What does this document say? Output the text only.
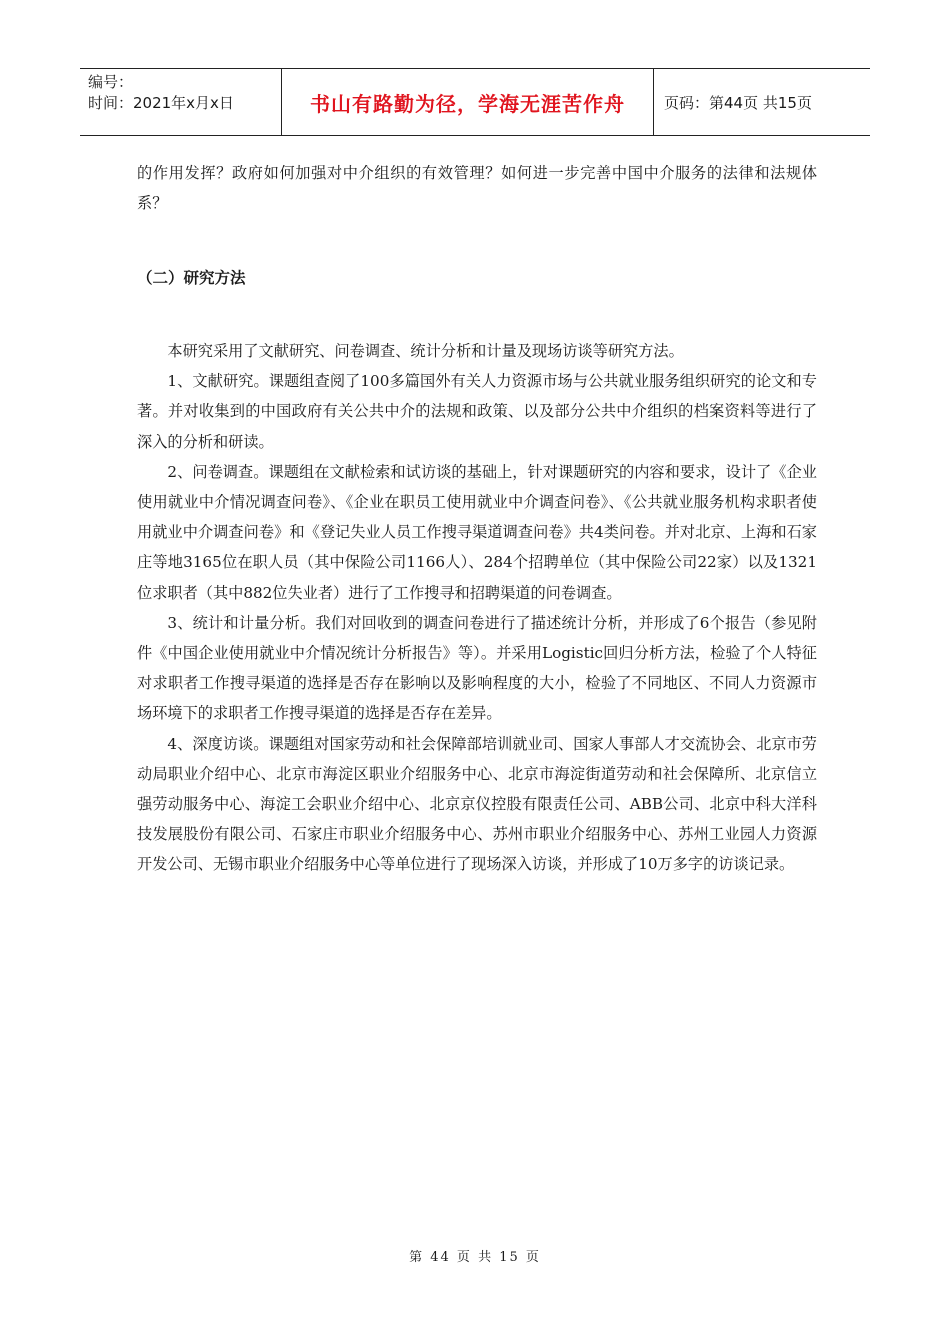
编号：
时间：2021年x月x日	书山有路勤为径，学海无涯苦作舟	页码：第44页 共15页

的作用发挥？政府如何加强对中介组织的有效管理？如何进一步完善中国中介服务的法律和法规体系？

（二）研究方法

本研究采用了文献研究、问卷调查、统计分析和计量及现场访谈等研究方法。

1、文献研究。课题组查阅了100多篇国外有关人力资源市场与公共就业服务组织研究的论文和专著。并对收集到的中国政府有关公共中介的法规和政策、以及部分公共中介组织的档案资料等进行了深入的分析和研读。

2、问卷调查。课题组在文献检索和试访谈的基础上，针对课题研究的内容和要求，设计了《企业使用就业中介情况调查问卷》、《企业在职员工使用就业中介调查问卷》、《公共就业服务机构求职者使用就业中介调查问卷》和《登记失业人员工作搜寻渠道调查问卷》共4类问卷。并对北京、上海和石家庄等地3165位在职人员（其中保险公司1166人）、284个招聘单位（其中保险公司22家）以及1321位求职者（其中882位失业者）进行了工作搜寻和招聘渠道的问卷调查。

3、统计和计量分析。我们对回收到的调查问卷进行了描述统计分析，并形成了6个报告（参见附件《中国企业使用就业中介情况统计分析报告》等）。并采用Logistic回归分析方法，检验了个人特征对求职者工作搜寻渠道的选择是否存在影响以及影响程度的大小，检验了不同地区、不同人力资源市场环境下的求职者工作搜寻渠道的选择是否存在差异。

4、深度访谈。课题组对国家劳动和社会保障部培训就业司、国家人事部人才交流协会、北京市劳动局职业介绍中心、北京市海淀区职业介绍服务中心、北京市海淀街道劳动和社会保障所、北京信立强劳动服务中心、海淀工会职业介绍中心、北京京仪控股有限责任公司、ABB公司、北京中科大洋科技发展股份有限公司、石家庄市职业介绍服务中心、苏州市职业介绍服务中心、苏州工业园人力资源开发公司、无锡市职业介绍服务中心等单位进行了现场深入访谈，并形成了10万多字的访谈记录。

第 44 页 共 15 页
